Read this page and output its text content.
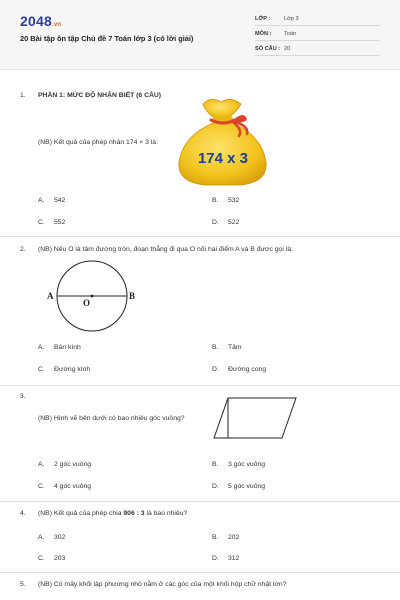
2048.vn
20 Bài tập ôn tập Chủ đề 7 Toán lớp 3 (có lời giải)
LỚP : Lớp 3
MÔN : Toán
SỐ CÂU : 20
1. PHẦN 1: MỨC ĐỘ NHẬN BIẾT (6 CÂU)
(NB) Kết quả của phép nhân 174 × 3 là:
174 x 3
A. 542	B. 532
C. 552	D. 522
2. (NB) Nếu O là tâm đường tròn, đoạn thẳng đi qua O nối hai điểm A và B được gọi là:
A	B
O
A. Bán kính	B. Tâm
C. Đường kính	D. Đường cong
3.
(NB) Hình vẽ bên dưới có bao nhiêu góc vuông?
A. 2 góc vuông	B. 3 góc vuông
C. 4 góc vuông	D. 5 góc vuông
4. (NB) Kết quả của phép chia 906 : 3 là bao nhiêu?
A. 302	B. 202
C. 203	D. 312
5. (NB) Có mấy khối lập phương nhỏ nằm ở các góc của một khối hộp chữ nhật lớn?
